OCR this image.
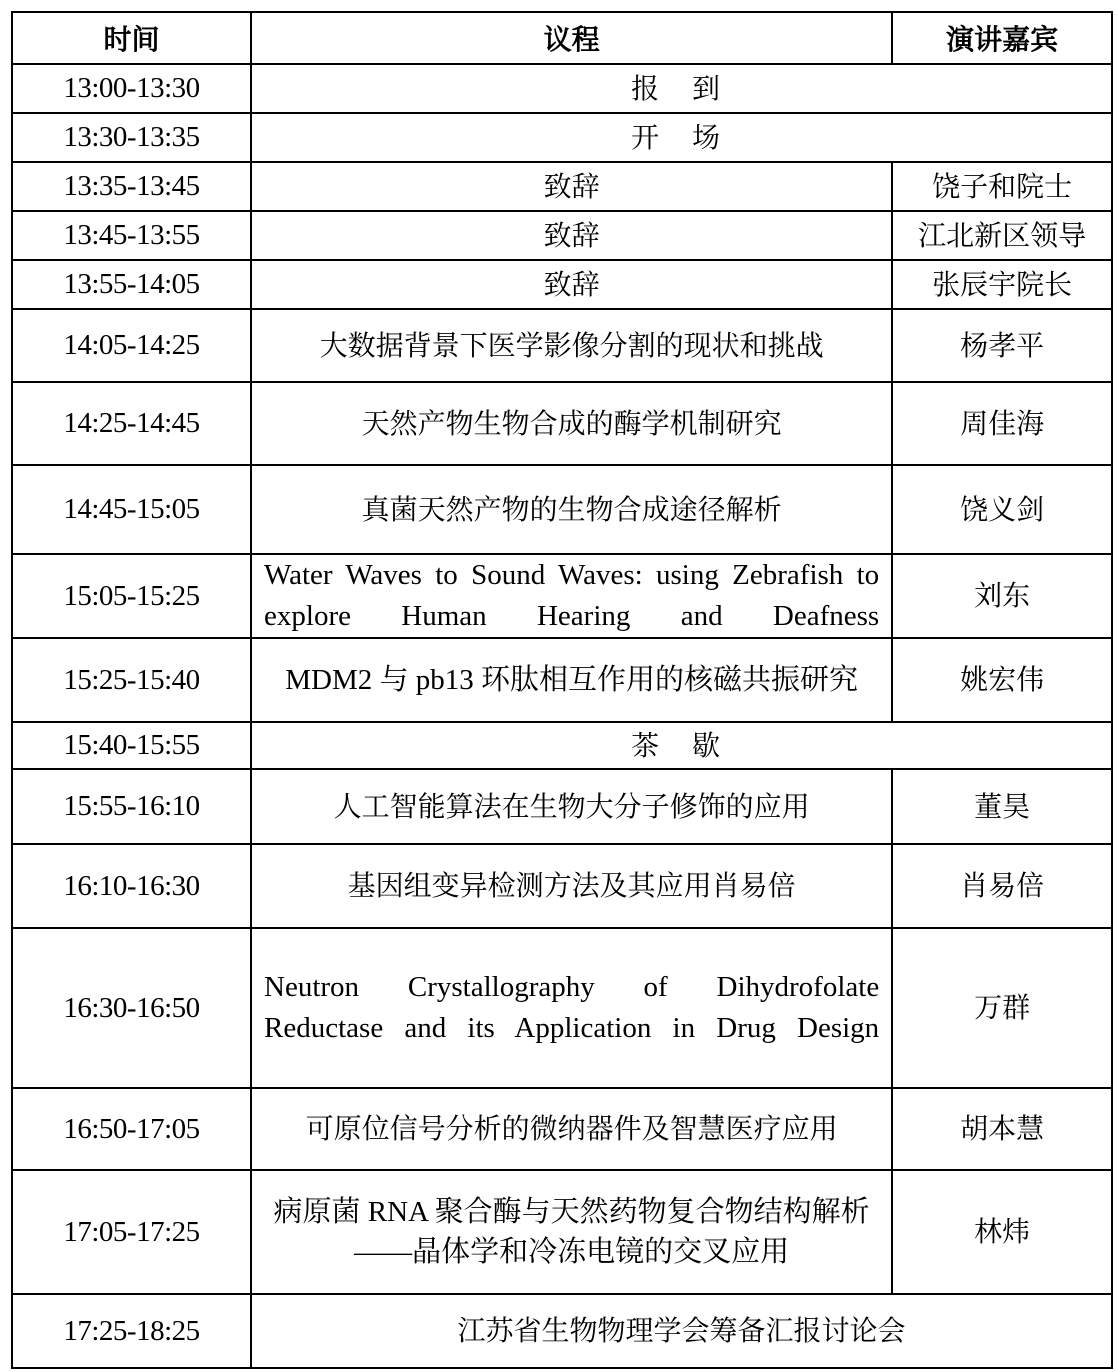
时间	议程	演讲嘉宾
13:00-13:30	报 到	
13:30-13:35	开 场	
13:35-13:45	致辞	饶子和院士
13:45-13:55	致辞	江北新区领导
13:55-14:05	致辞	张辰宇院长
14:05-14:25	大数据背景下医学影像分割的现状和挑战	杨孝平
14:25-14:45	天然产物生物合成的酶学机制研究	周佳海
14:45-15:05	真菌天然产物的生物合成途径解析	饶义剑
15:05-15:25	Water Waves to Sound Waves: using Zebrafish to explore Human Hearing and Deafness	刘东
15:25-15:40	MDM2 与 pb13 环肽相互作用的核磁共振研究	姚宏伟
15:40-15:55	茶 歇	
15:55-16:10	人工智能算法在生物大分子修饰的应用	董昊
16:10-16:30	基因组变异检测方法及其应用肖易倍	肖易倍
16:30-16:50	Neutron Crystallography of Dihydrofolate Reductase and its Application in Drug Design	万群
16:50-17:05	可原位信号分析的微纳器件及智慧医疗应用	胡本慧
17:05-17:25	病原菌 RNA 聚合酶与天然药物复合物结构解析——晶体学和冷冻电镜的交叉应用	林炜
17:25-18:25	江苏省生物物理学会筹备汇报讨论会	
